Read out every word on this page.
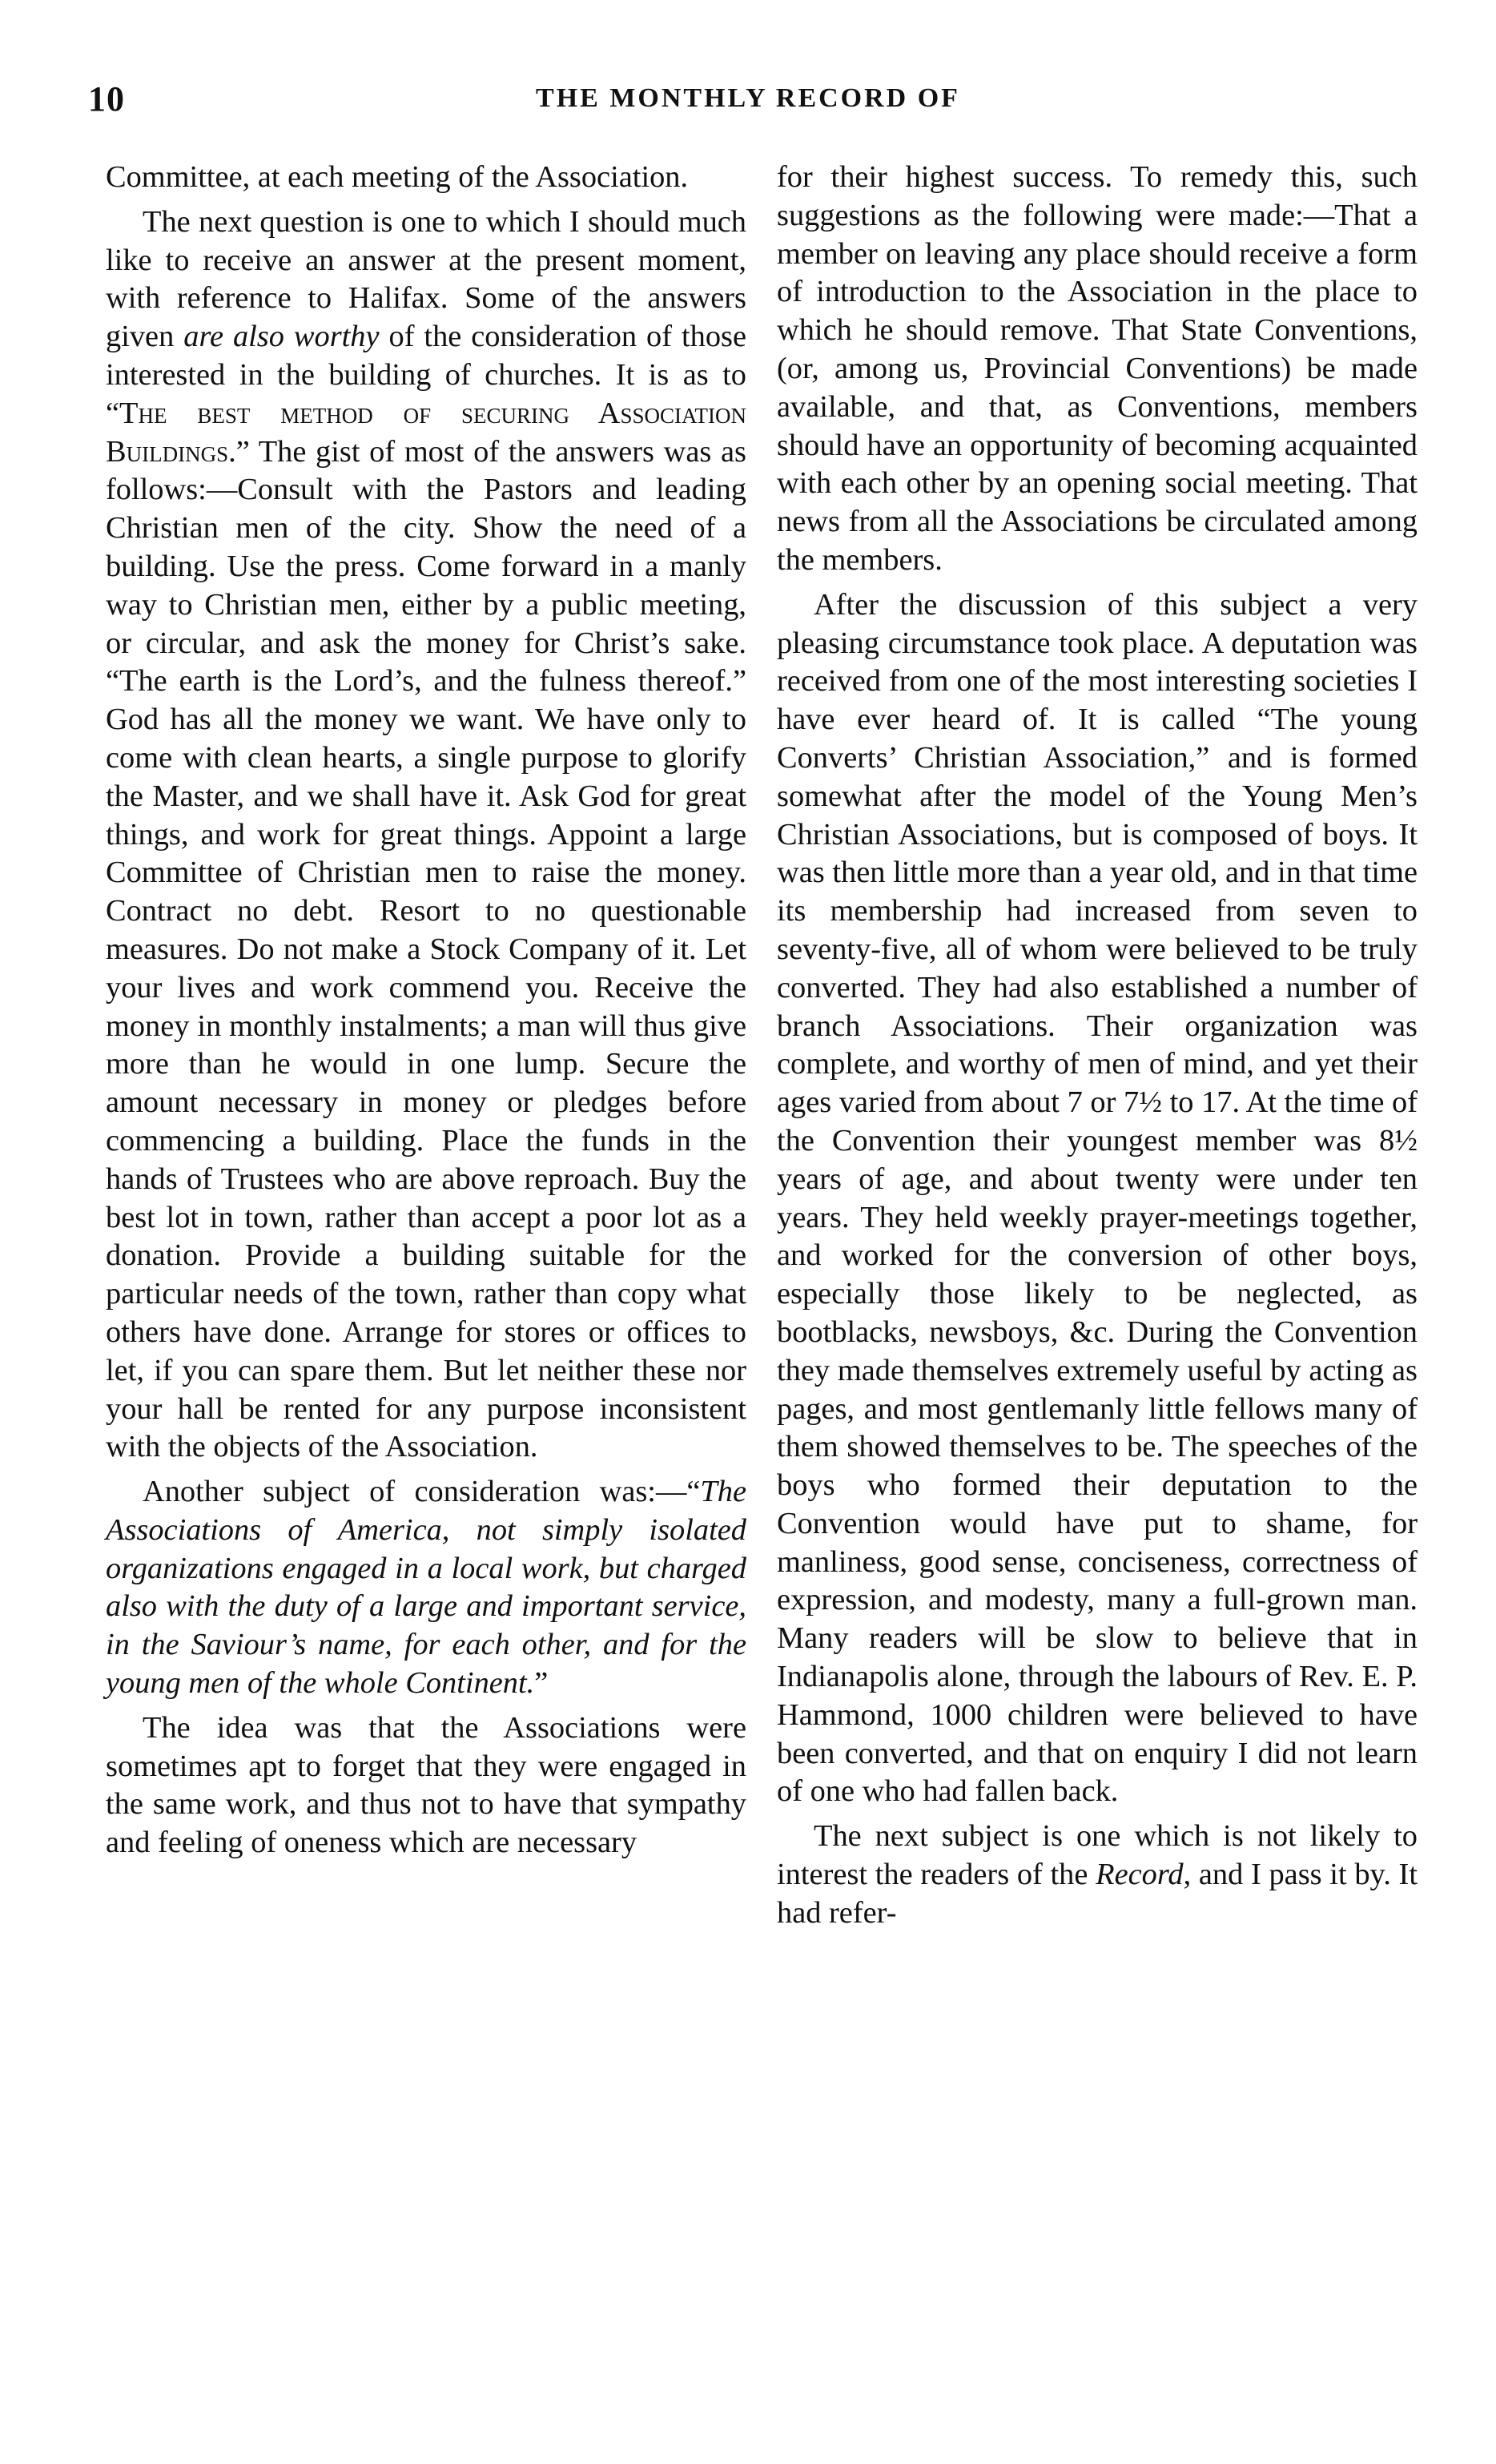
10	THE MONTHLY RECORD OF

Committee, at each meeting of the Association.

The next question is one to which I should much like to receive an answer at the present moment, with reference to Halifax. Some of the answers given are also worthy of the consideration of those interested in the building of churches. It is as to “The best method of securing Association Buildings.” The gist of most of the answers was as follows:—Consult with the Pastors and leading Christian men of the city. Show the need of a building. Use the press. Come forward in a manly way to Christian men, either by a public meeting, or circular, and ask the money for Christ’s sake. “The earth is the Lord’s, and the fulness thereof.” God has all the money we want. We have only to come with clean hearts, a single purpose to glorify the Master, and we shall have it. Ask God for great things, and work for great things. Appoint a large Committee of Christian men to raise the money. Contract no debt. Resort to no questionable measures. Do not make a Stock Company of it. Let your lives and work commend you. Receive the money in monthly instalments; a man will thus give more than he would in one lump. Secure the amount necessary in money or pledges before commencing a building. Place the funds in the hands of Trustees who are above reproach. Buy the best lot in town, rather than accept a poor lot as a donation. Provide a building suitable for the particular needs of the town, rather than copy what others have done. Arrange for stores or offices to let, if you can spare them. But let neither these nor your hall be rented for any purpose inconsistent with the objects of the Association.

Another subject of consideration was:—“The Associations of America, not simply isolated organizations engaged in a local work, but charged also with the duty of a large and important service, in the Saviour’s name, for each other, and for the young men of the whole Continent.”

The idea was that the Associations were sometimes apt to forget that they were engaged in the same work, and thus not to have that sympathy and feeling of oneness which are necessary

for their highest success. To remedy this, such suggestions as the following were made:—That a member on leaving any place should receive a form of introduction to the Association in the place to which he should remove. That State Conventions, (or, among us, Provincial Conventions) be made available, and that, as Conventions, members should have an opportunity of becoming acquainted with each other by an opening social meeting. That news from all the Associations be circulated among the members.

After the discussion of this subject a very pleasing circumstance took place. A deputation was received from one of the most interesting societies I have ever heard of. It is called “The young Converts’ Christian Association,” and is formed somewhat after the model of the Young Men’s Christian Associations, but is composed of boys. It was then little more than a year old, and in that time its membership had increased from seven to seventy-five, all of whom were believed to be truly converted. They had also established a number of branch Associations. Their organization was complete, and worthy of men of mind, and yet their ages varied from about 7 or 7½ to 17. At the time of the Convention their youngest member was 8½ years of age, and about twenty were under ten years. They held weekly prayer-meetings together, and worked for the conversion of other boys, especially those likely to be neglected, as bootblacks, newsboys, &c. During the Convention they made themselves extremely useful by acting as pages, and most gentlemanly little fellows many of them showed themselves to be. The speeches of the boys who formed their deputation to the Convention would have put to shame, for manliness, good sense, conciseness, correctness of expression, and modesty, many a full-grown man. Many readers will be slow to believe that in Indianapolis alone, through the labours of Rev. E. P. Hammond, 1000 children were believed to have been converted, and that on enquiry I did not learn of one who had fallen back.

The next subject is one which is not likely to interest the readers of the Record, and I pass it by. It had refer-
